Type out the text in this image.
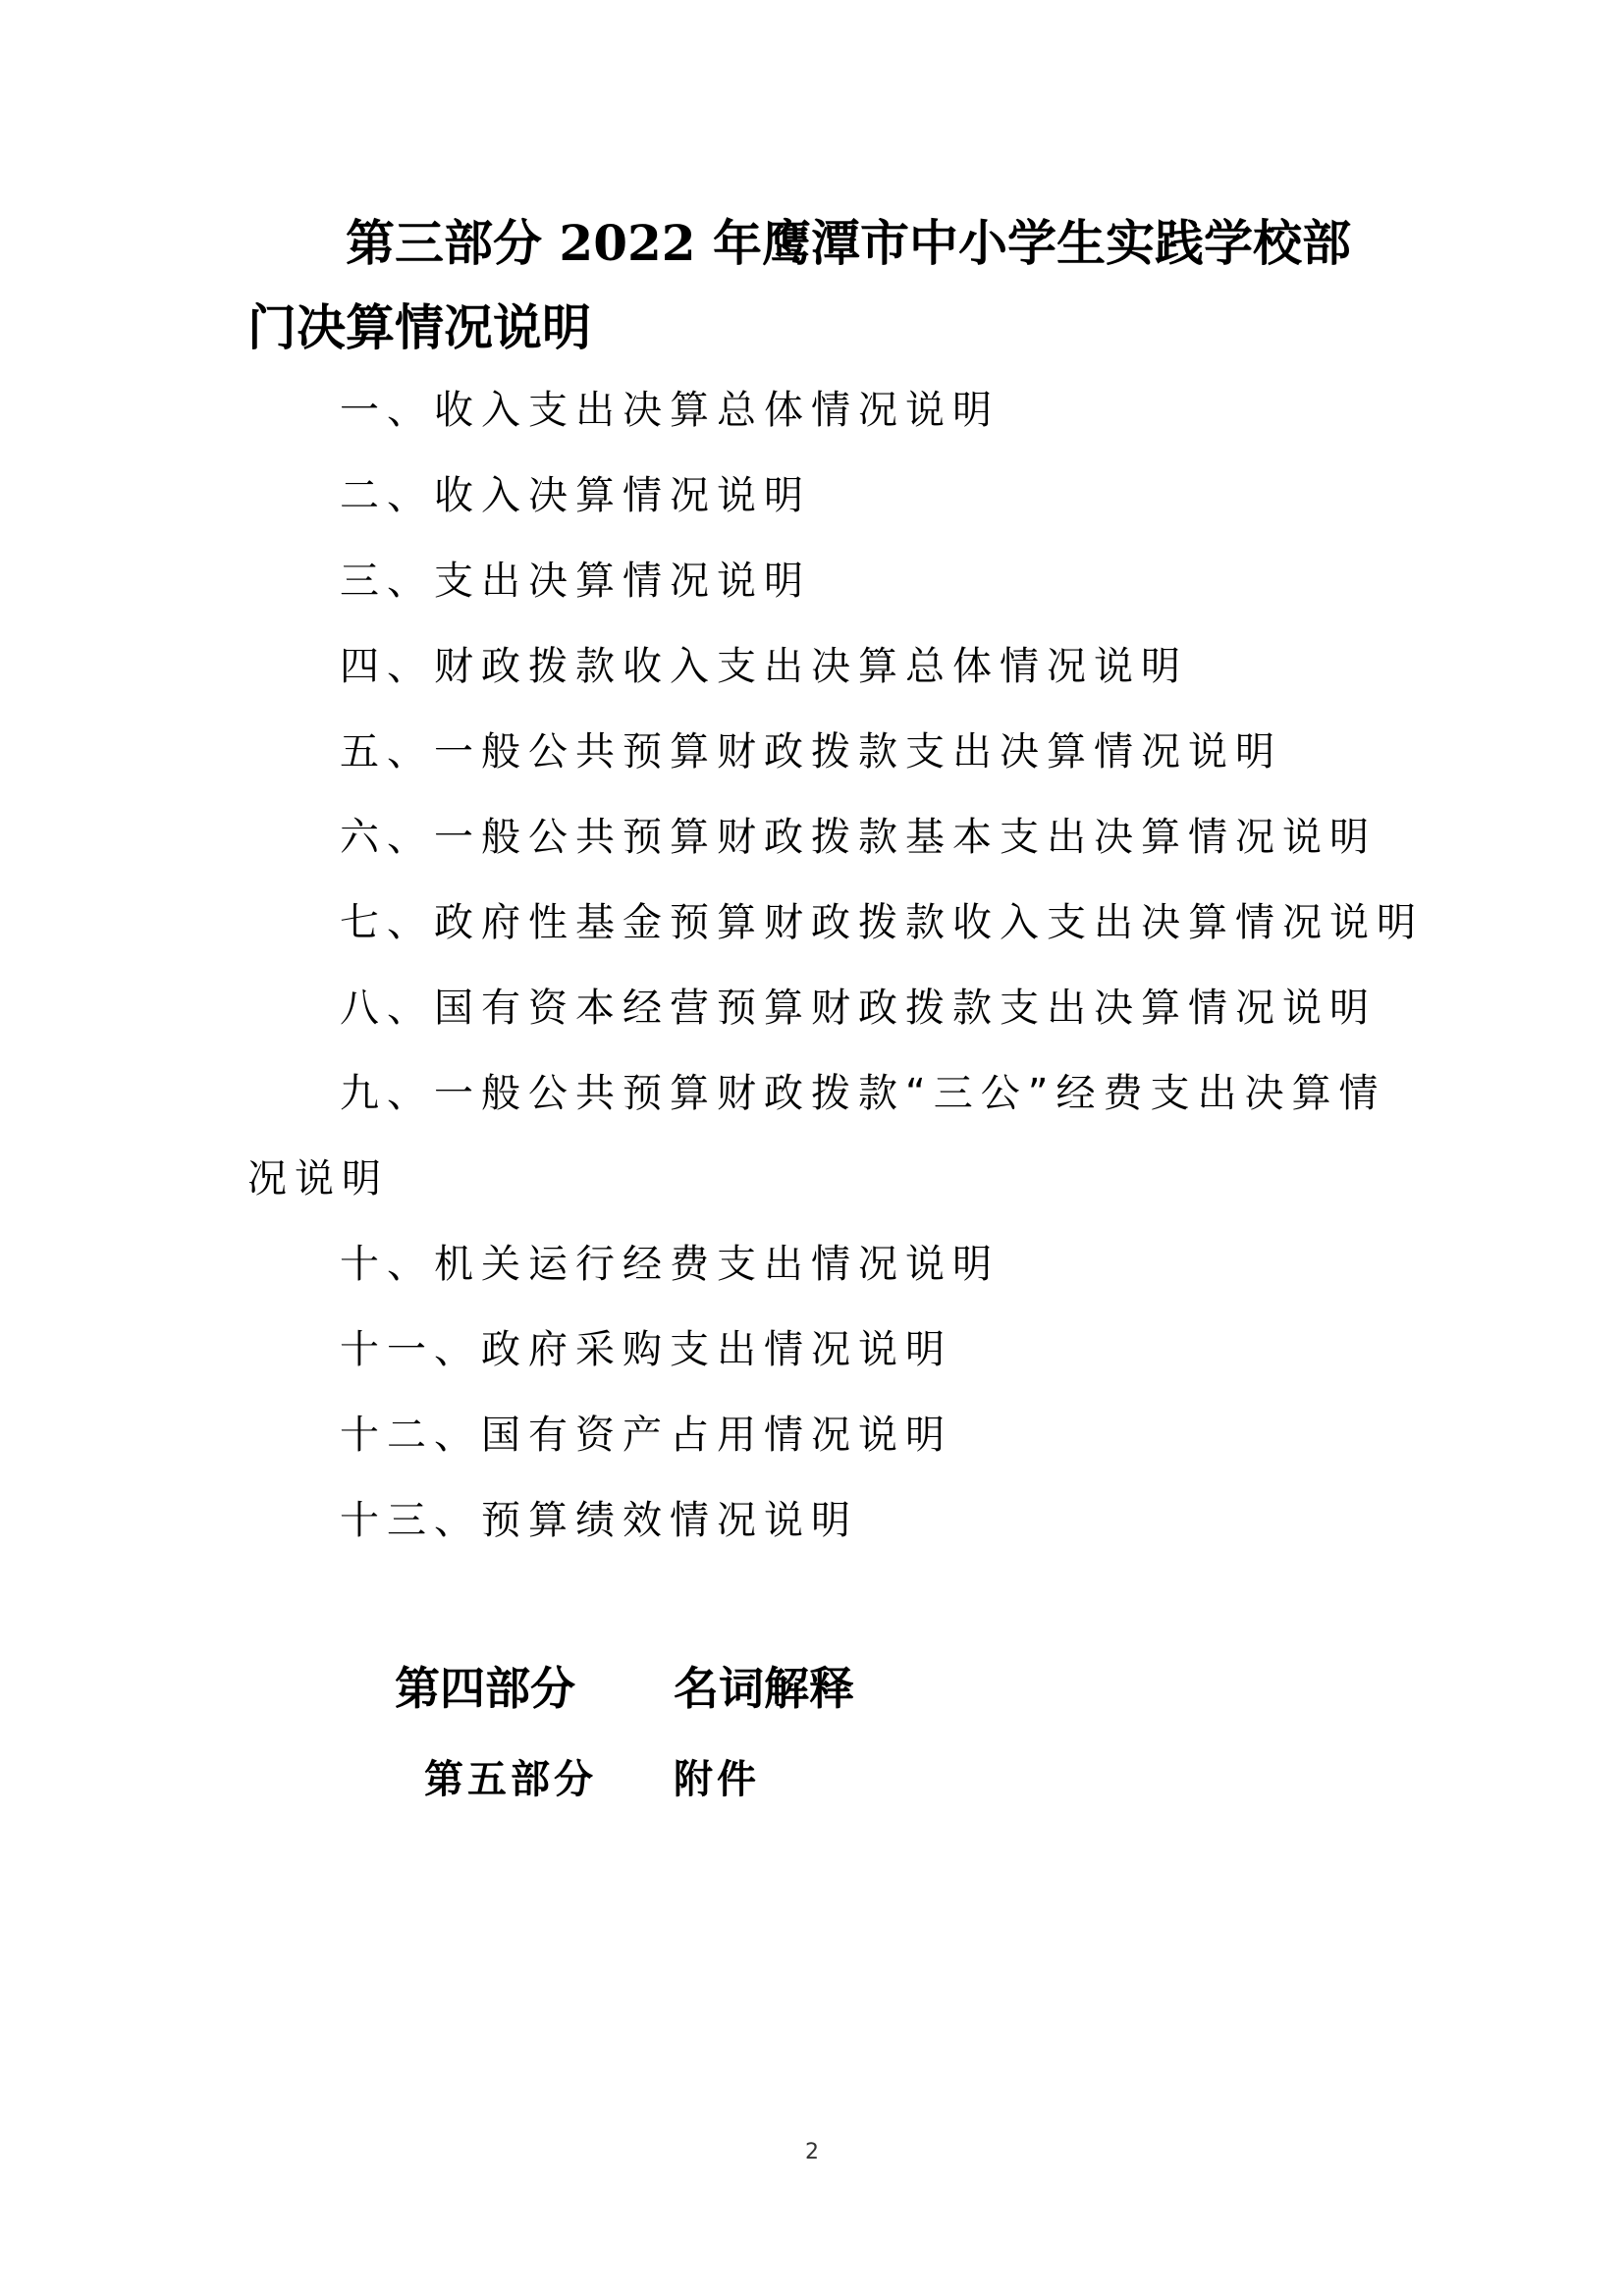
第三部分 2022 年鹰潭市中小学生实践学校部门决算情况说明
一、收入支出决算总体情况说明
二、收入决算情况说明
三、支出决算情况说明
四、财政拨款收入支出决算总体情况说明
五、一般公共预算财政拨款支出决算情况说明
六、一般公共预算财政拨款基本支出决算情况说明
七、政府性基金预算财政拨款收入支出决算情况说明
八、国有资本经营预算财政拨款支出决算情况说明
九、一般公共预算财政拨款“三公”经费支出决算情况说明
十、机关运行经费支出情况说明
十一、政府采购支出情况说明
十二、国有资产占用情况说明
十三、预算绩效情况说明
第四部分 名词解释
第五部分 附件
2
